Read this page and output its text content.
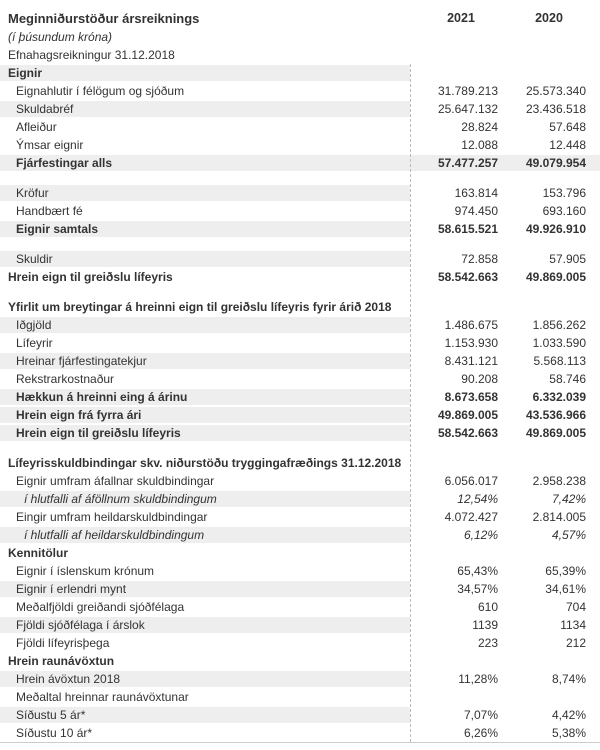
Meginniðurstöður ársreiknings	2021	2020
(í þúsundum króna)
Efnahagsreikningur 31.12.2018
Eignir
Eignahlutir í félögum og sjóðum	31.789.213	25.573.340
Skuldabréf	25.647.132	23.436.518
Afleiður	28.824	57.648
Ýmsar eignir	12.088	12.448
Fjárfestingar alls	57.477.257	49.079.954
Kröfur	163.814	153.796
Handbært fé	974.450	693.160
Eignir samtals	58.615.521	49.926.910
Skuldir	72.858	57.905
Hrein eign til greiðslu lífeyris	58.542.663	49.869.005
Yfirlit um breytingar á hreinni eign til greiðslu lífeyris fyrir árið 2018
Iðgjöld	1.486.675	1.856.262
Lífeyrir	1.153.930	1.033.590
Hreinar fjárfestingatekjur	8.431.121	5.568.113
Rekstrarkostnaður	90.208	58.746
Hækkun á hreinni eing á árinu	8.673.658	6.332.039
Hrein eign frá fyrra ári	49.869.005	43.536.966
Hrein eign til greiðslu lífeyris	58.542.663	49.869.005
Lífeyrisskuldbindingar skv. niðurstöðu tryggingafræðings 31.12.2018
Eignir umfram áfallnar skuldbindingar	6.056.017	2.958.238
í hlutfalli af áföllnum skuldbindingum	12,54%	7,42%
Eingir umfram heildarskuldbindingar	4.072.427	2.814.005
í hlutfalli af heildarskuldbindingum	6,12%	4,57%
Kennitölur
Eignir í íslenskum krónum	65,43%	65,39%
Eignir í erlendri mynt	34,57%	34,61%
Meðalfjöldi greiðandi sjóðfélaga	610	704
Fjöldi sjóðfélaga í árslok	1139	1134
Fjöldi lífeyrisþega	223	212
Hrein raunávöxtun
Hrein ávöxtun 2018	11,28%	8,74%
Meðaltal hreinnar raunávöxtunar
Síðustu 5 ár*	7,07%	4,42%
Síðustu 10 ár*	6,26%	5,38%
